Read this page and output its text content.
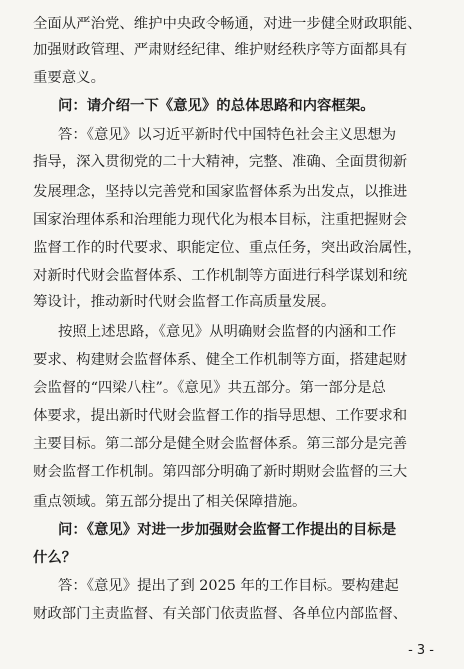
全面从严治党、维护中央政令畅通，对进一步健全财政职能、
加强财政管理、严肃财经纪律、维护财经秩序等方面都具有
重要意义。
问：请介绍一下《意见》的总体思路和内容框架。
答：《意见》以习近平新时代中国特色社会主义思想为
指导，深入贯彻党的二十大精神，完整、准确、全面贯彻新
发展理念，坚持以完善党和国家监督体系为出发点，以推进
国家治理体系和治理能力现代化为根本目标，注重把握财会
监督工作的时代要求、职能定位、重点任务，突出政治属性，
对新时代财会监督体系、工作机制等方面进行科学谋划和统
筹设计，推动新时代财会监督工作高质量发展。
按照上述思路，《意见》从明确财会监督的内涵和工作
要求、构建财会监督体系、健全工作机制等方面，搭建起财
会监督的“四梁八柱”。《意见》共五部分。第一部分是总
体要求，提出新时代财会监督工作的指导思想、工作要求和
主要目标。第二部分是健全财会监督体系。第三部分是完善
财会监督工作机制。第四部分明确了新时期财会监督的三大
重点领域。第五部分提出了相关保障措施。
问：《意见》对进一步加强财会监督工作提出的目标是
什么？
答：《意见》提出了到 2025 年的工作目标。要构建起
财政部门主责监督、有关部门依责监督、各单位内部监督、
- 3 -
